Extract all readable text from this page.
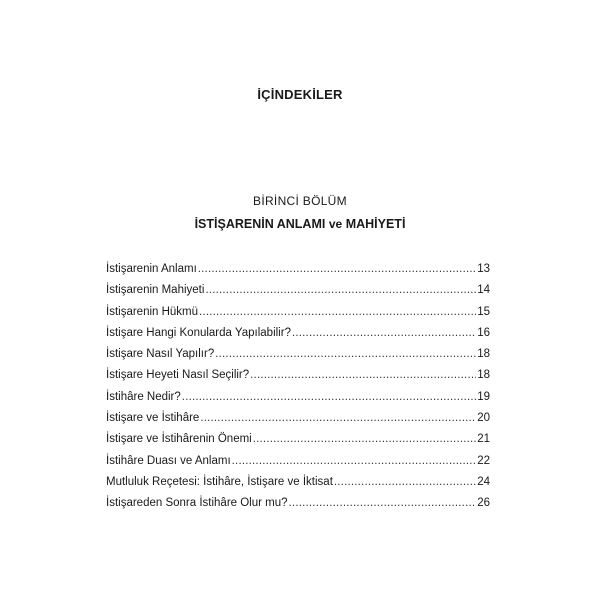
İÇİNDEKİLER
BİRİNCİ BÖLÜM
İSTİŞARENİN ANLAMI ve MAHİYETİ
İstişarenin Anlamı .....	13
İstişarenin Mahiyeti .....	14
İstişarenin Hükmü .....	15
İstişare Hangi Konularda Yapılabilir? .....	16
İstişare Nasıl Yapılır? .....	18
İstişare Heyeti Nasıl Seçilir? .....	18
İstihâre Nedir? .....	19
İstişare ve İstihâre .....	20
İstişare ve İstihârenin Önemi .....	21
İstihâre Duası ve Anlamı .....	22
Mutluluk Reçetesi: İstihâre, İstişare ve İktisat .....	24
İstişareden Sonra İstihâre Olur mu? .....	26
